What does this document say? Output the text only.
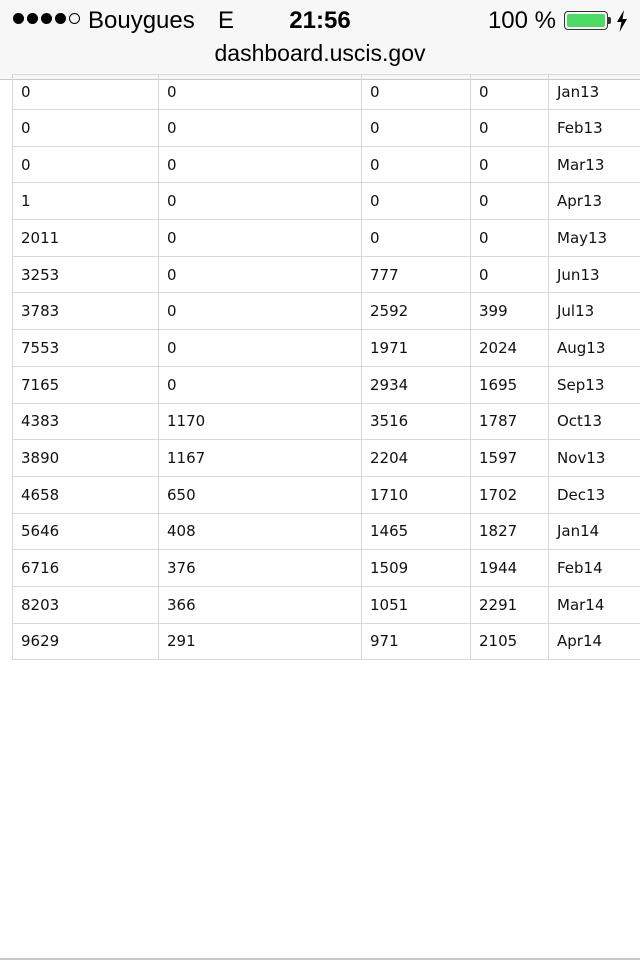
Bouygues E	21:56	100 %
dashboard.uscis.gov
0	0	0	0	Jan13
0	0	0	0	Feb13
0	0	0	0	Mar13
1	0	0	0	Apr13
2011	0	0	0	May13
3253	0	777	0	Jun13
3783	0	2592	399	Jul13
7553	0	1971	2024	Aug13
7165	0	2934	1695	Sep13
4383	1170	3516	1787	Oct13
3890	1167	2204	1597	Nov13
4658	650	1710	1702	Dec13
5646	408	1465	1827	Jan14
6716	376	1509	1944	Feb14
8203	366	1051	2291	Mar14
9629	291	971	2105	Apr14
